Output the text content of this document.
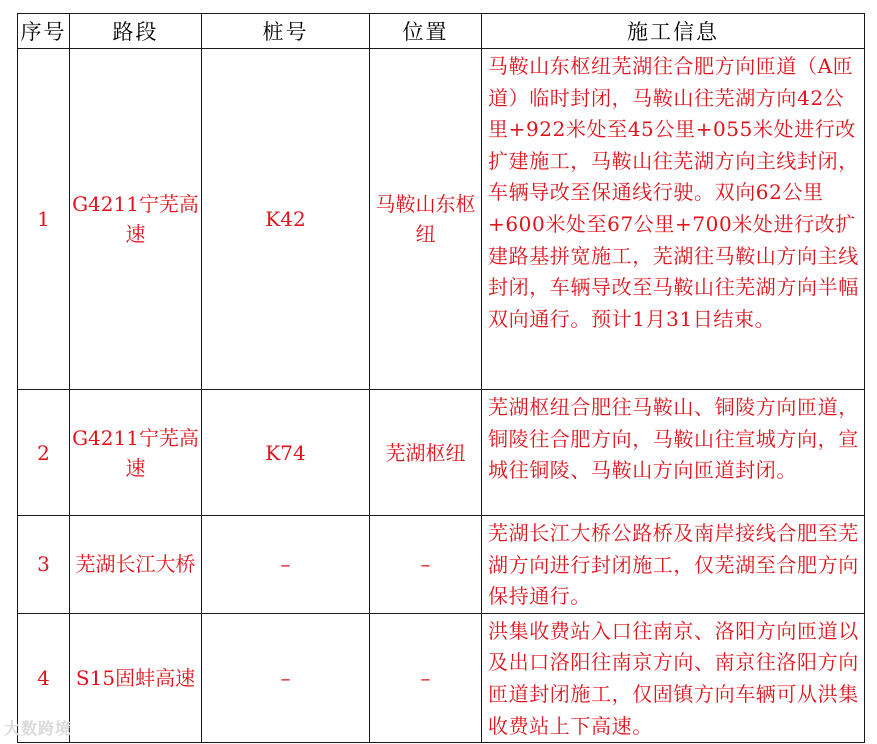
序号	路段	桩号	位置	施工信息
1	G4211宁芜高速	K42	马鞍山东枢纽	马鞍山东枢纽芜湖往合肥方向匝道（A匝道）临时封闭，马鞍山往芜湖方向42公里+922米处至45公里+055米处进行改扩建施工，马鞍山往芜湖方向主线封闭，车辆导改至保通线行驶。双向62公里+600米处至67公里+700米处进行改扩建路基拼宽施工，芜湖往马鞍山方向主线封闭，车辆导改至马鞍山往芜湖方向半幅双向通行。预计1月31日结束。
2	G4211宁芜高速	K74	芜湖枢纽	芜湖枢纽合肥往马鞍山、铜陵方向匝道，铜陵往合肥方向，马鞍山往宣城方向，宣城往铜陵、马鞍山方向匝道封闭。
3	芜湖长江大桥	–	–	芜湖长江大桥公路桥及南岸接线合肥至芜湖方向进行封闭施工，仅芜湖至合肥方向保持通行。
4	S15固蚌高速	–	–	洪集收费站入口往南京、洛阳方向匝道以及出口洛阳往南京方向、南京往洛阳方向匝道封闭施工，仅固镇方向车辆可从洪集收费站上下高速。
大数跨境
